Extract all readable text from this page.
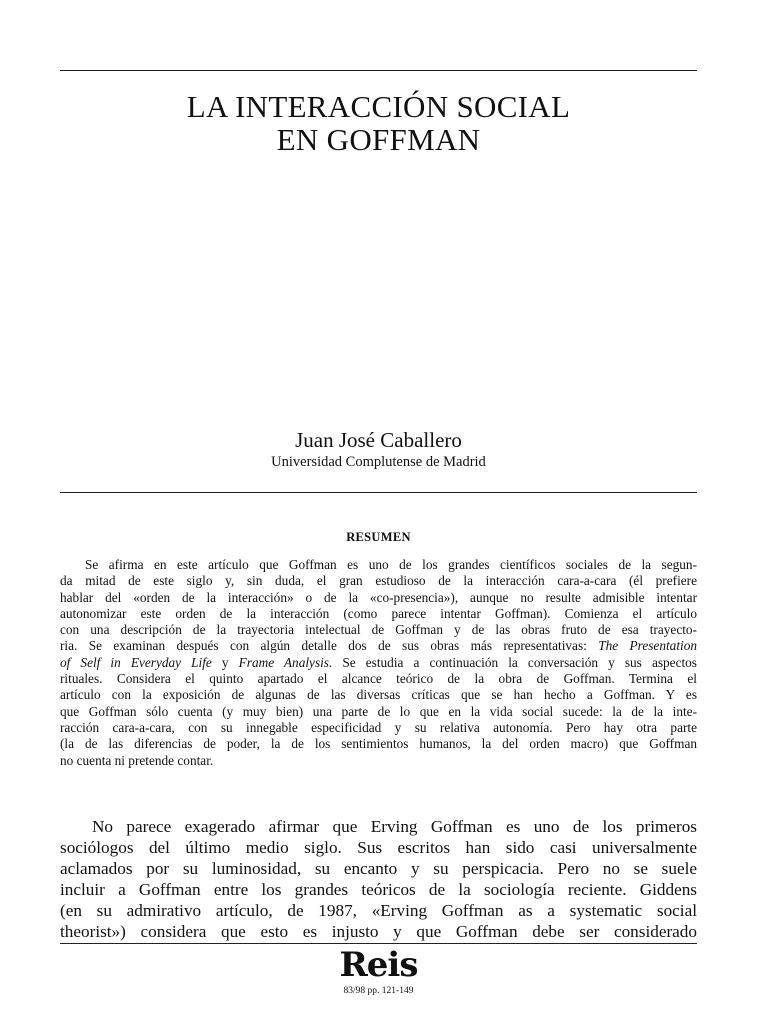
LA INTERACCIÓN SOCIAL
EN GOFFMAN
Juan José Caballero
Universidad Complutense de Madrid
RESUMEN
Se afirma en este artículo que Goffman es uno de los grandes científicos sociales de la segun-
da mitad de este siglo y, sin duda, el gran estudioso de la interacción cara-a-cara (él prefiere
hablar del «orden de la interacción» o de la «co-presencia»), aunque no resulte admisible intentar
autonomizar este orden de la interacción (como parece intentar Goffman). Comienza el artículo
con una descripción de la trayectoria intelectual de Goffman y de las obras fruto de esa trayecto-
ria. Se examinan después con algún detalle dos de sus obras más representativas: The Presentation
of Self in Everyday Life y Frame Analysis. Se estudia a continuación la conversación y sus aspectos
rituales. Considera el quinto apartado el alcance teórico de la obra de Goffman. Termina el
artículo con la exposición de algunas de las diversas críticas que se han hecho a Goffman. Y es
que Goffman sólo cuenta (y muy bien) una parte de lo que en la vida social sucede: la de la inte-
racción cara-a-cara, con su innegable especificidad y su relativa autonomía. Pero hay otra parte
(la de las diferencias de poder, la de los sentimientos humanos, la del orden macro) que Goffman
no cuenta ni pretende contar.
No parece exagerado afirmar que Erving Goffman es uno de los primeros
sociólogos del último medio siglo. Sus escritos han sido casi universalmente
aclamados por su luminosidad, su encanto y su perspicacia. Pero no se suele
incluir a Goffman entre los grandes teóricos de la sociología reciente. Giddens
(en su admirativo artículo, de 1987, «Erving Goffman as a systematic social
theorist») considera que esto es injusto y que Goffman debe ser considerado
Reis
83/98 pp. 121-149
